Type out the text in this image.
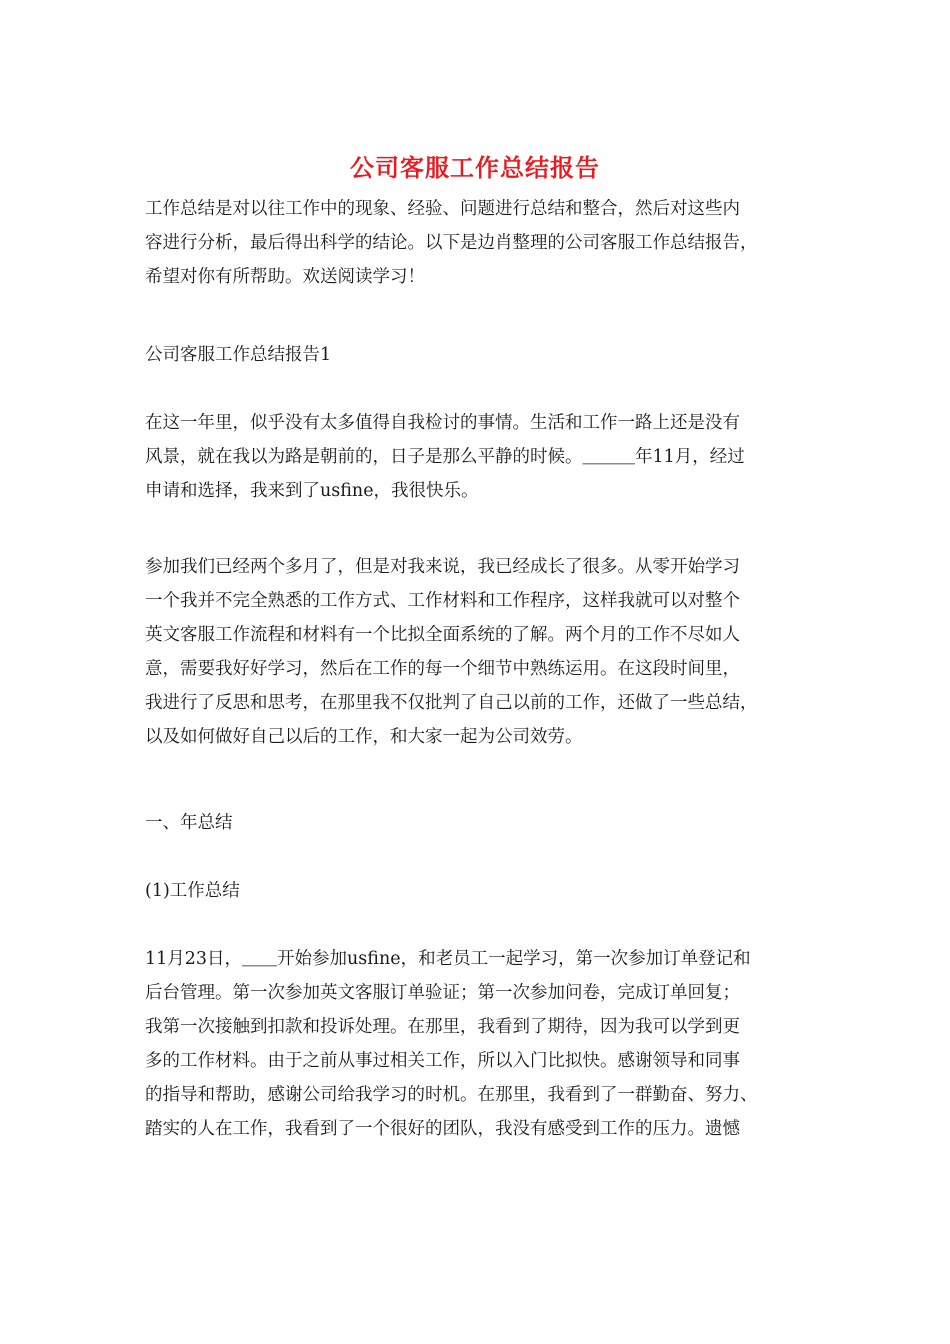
公司客服工作总结报告
工作总结是对以往工作中的现象、经验、问题进行总结和整合，然后对这些内
容进行分析，最后得出科学的结论。以下是边肖整理的公司客服工作总结报告，
希望对你有所帮助。欢送阅读学习！
公司客服工作总结报告1
在这一年里，似乎没有太多值得自我检讨的事情。生活和工作一路上还是没有
风景，就在我以为路是朝前的，日子是那么平静的时候。＿＿＿年11月，经过
申请和选择，我来到了usfine，我很快乐。
参加我们已经两个多月了，但是对我来说，我已经成长了很多。从零开始学习
一个我并不完全熟悉的工作方式、工作材料和工作程序，这样我就可以对整个
英文客服工作流程和材料有一个比拟全面系统的了解。两个月的工作不尽如人
意，需要我好好学习，然后在工作的每一个细节中熟练运用。在这段时间里，
我进行了反思和思考，在那里我不仅批判了自己以前的工作，还做了一些总结，
以及如何做好自己以后的工作，和大家一起为公司效劳。
一、年总结
(1)工作总结
11月23日，＿＿开始参加usfine，和老员工一起学习，第一次参加订单登记和
后台管理。第一次参加英文客服订单验证；第一次参加问卷，完成订单回复；
我第一次接触到扣款和投诉处理。在那里，我看到了期待，因为我可以学到更
多的工作材料。由于之前从事过相关工作，所以入门比拟快。感谢领导和同事
的指导和帮助，感谢公司给我学习的时机。在那里，我看到了一群勤奋、努力、
踏实的人在工作，我看到了一个很好的团队，我没有感受到工作的压力。遗憾
